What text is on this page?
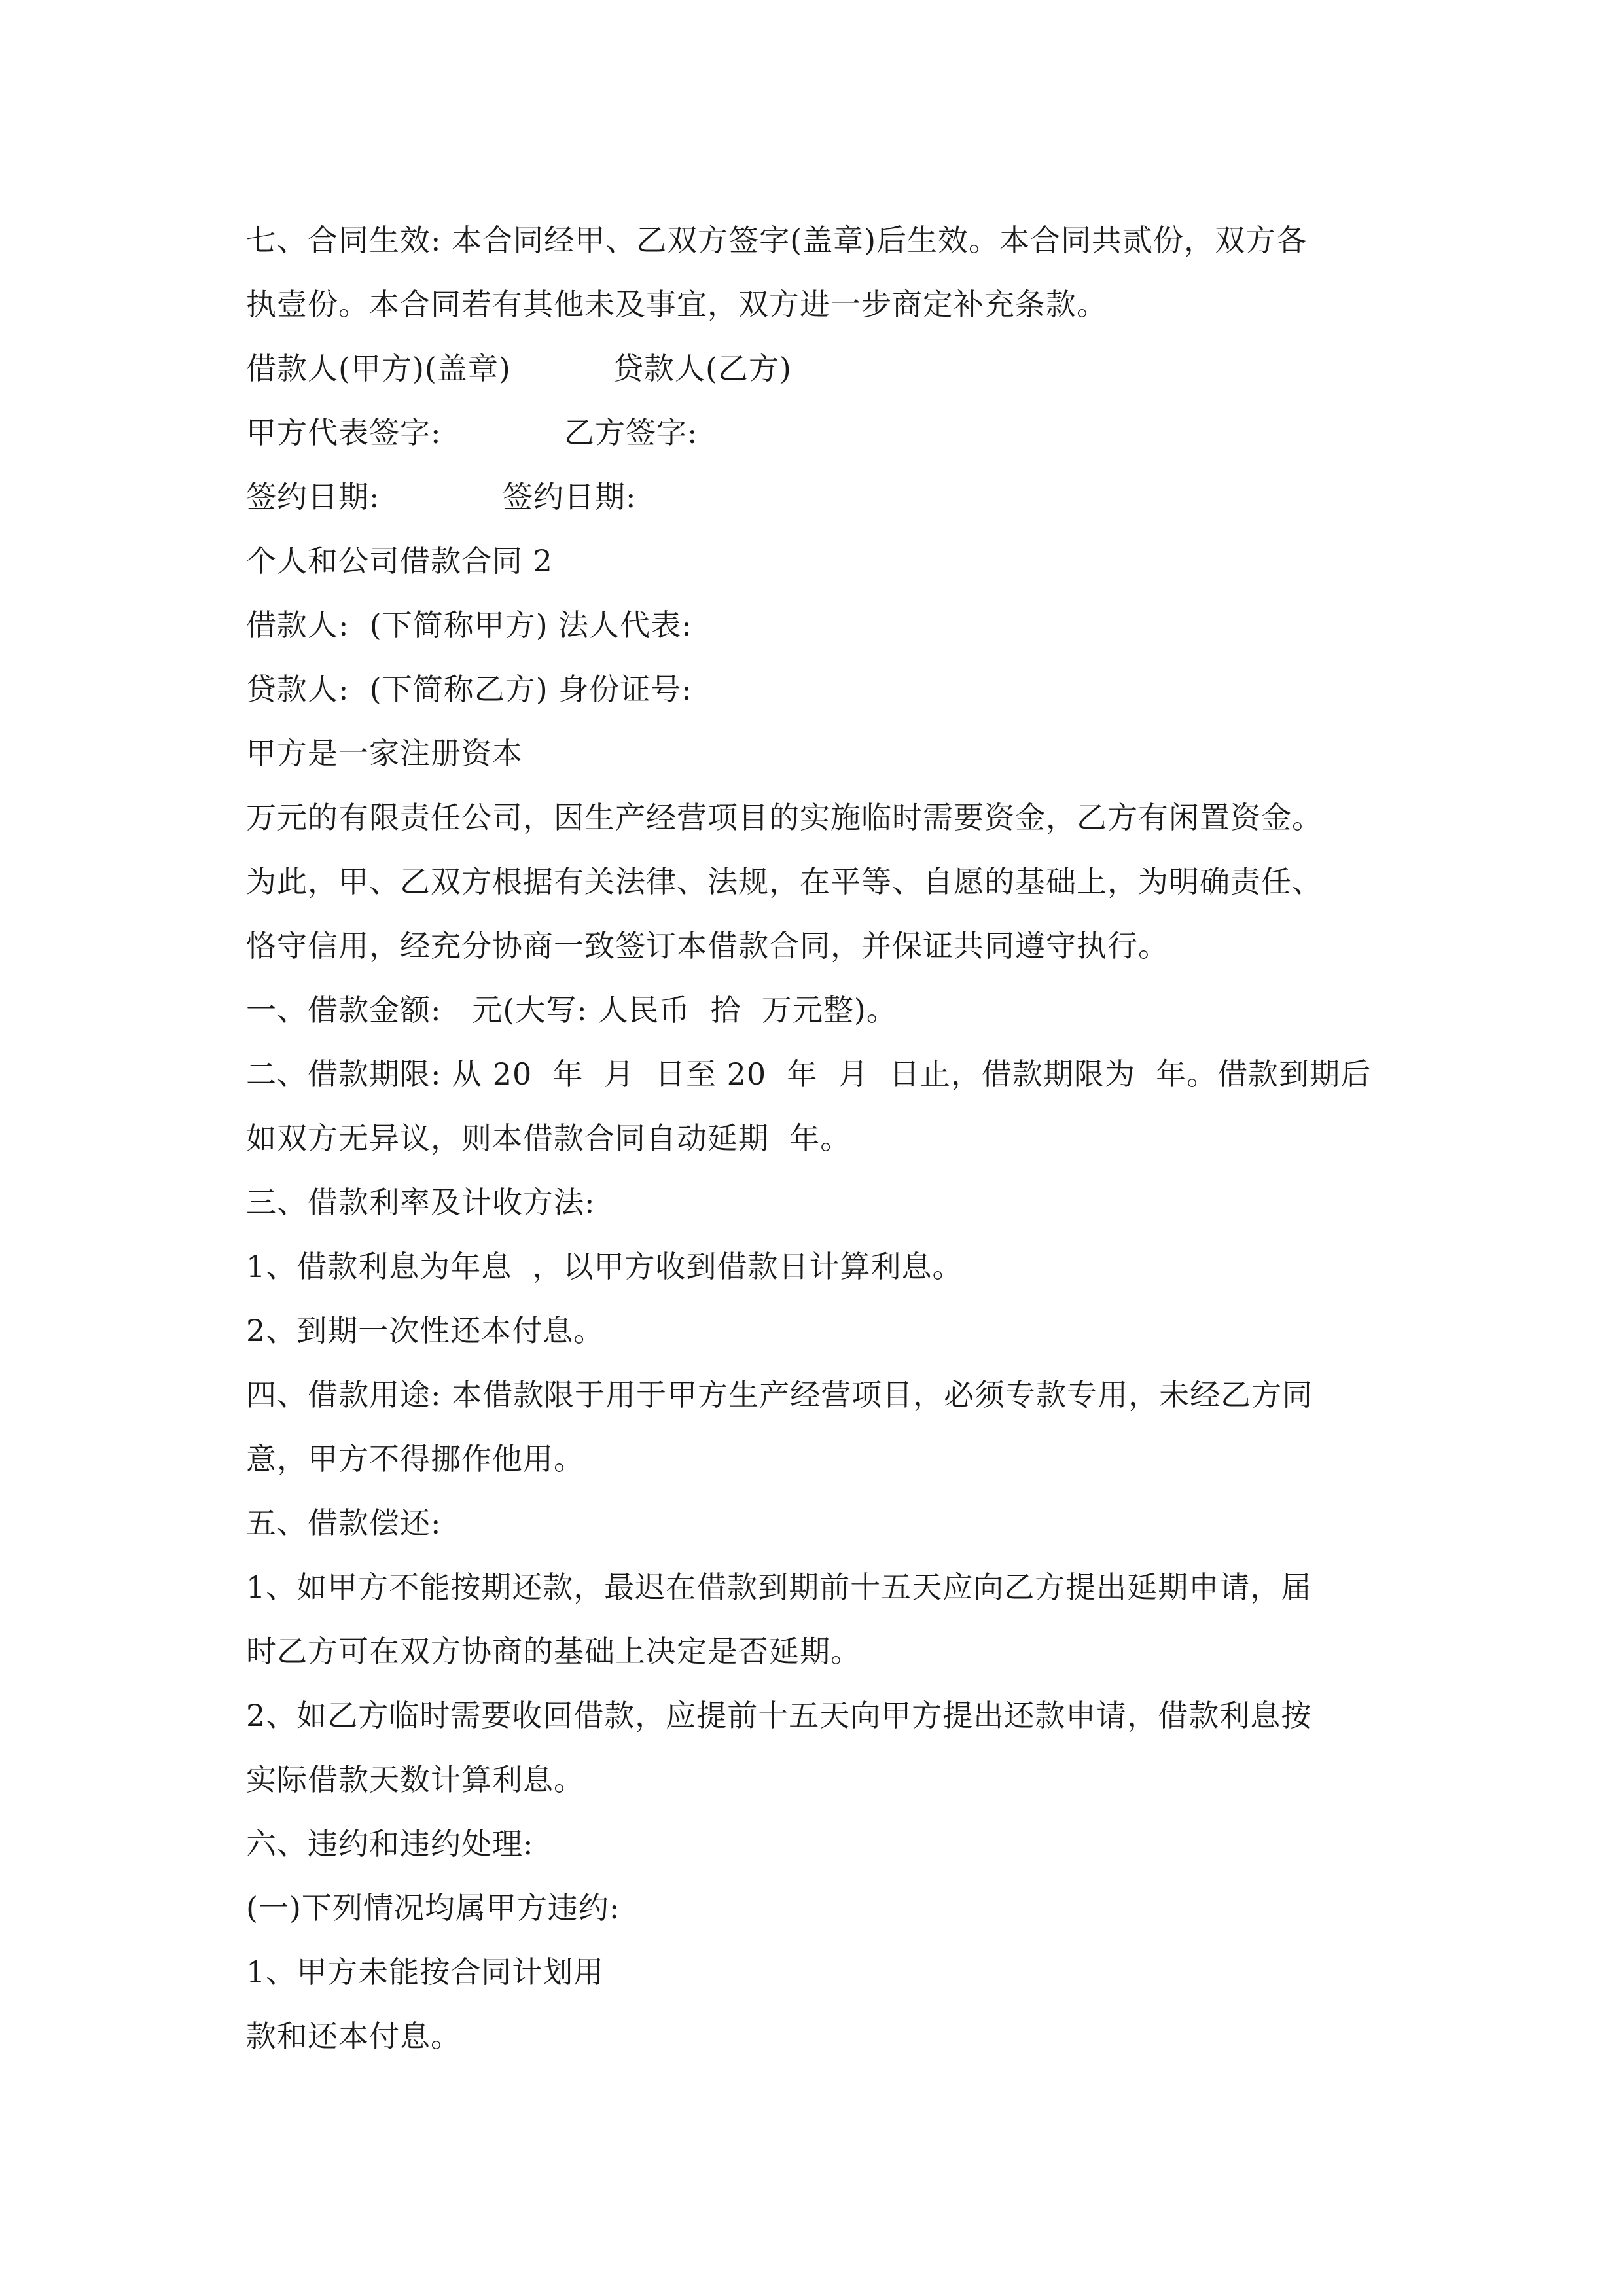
七、合同生效: 本合同经甲、乙双方签字(盖章)后生效。本合同共贰份，双方各
执壹份。本合同若有其他未及事宜，双方进一步商定补充条款。
借款人(甲方)(盖章)          贷款人(乙方)
甲方代表签字:            乙方签字:
签约日期:            签约日期:
个人和公司借款合同 2
借款人:  (下简称甲方) 法人代表:
贷款人:  (下简称乙方) 身份证号:
甲方是一家注册资本
万元的有限责任公司，因生产经营项目的实施临时需要资金，乙方有闲置资金。
为此，甲、乙双方根据有关法律、法规，在平等、自愿的基础上，为明确责任、
恪守信用，经充分协商一致签订本借款合同，并保证共同遵守执行。
一、借款金额:   元(大写: 人民币  拾  万元整)。
二、借款期限: 从 20  年  月  日至 20  年  月  日止，借款期限为  年。借款到期后
如双方无异议，则本借款合同自动延期  年。
三、借款利率及计收方法:
1、借款利息为年息  ，以甲方收到借款日计算利息。
2、到期一次性还本付息。
四、借款用途: 本借款限于用于甲方生产经营项目，必须专款专用，未经乙方同
意，甲方不得挪作他用。
五、借款偿还:
1、如甲方不能按期还款，最迟在借款到期前十五天应向乙方提出延期申请，届
时乙方可在双方协商的基础上决定是否延期。
2、如乙方临时需要收回借款，应提前十五天向甲方提出还款申请，借款利息按
实际借款天数计算利息。
六、违约和违约处理:
(一)下列情况均属甲方违约:
1、甲方未能按合同计划用
款和还本付息。
